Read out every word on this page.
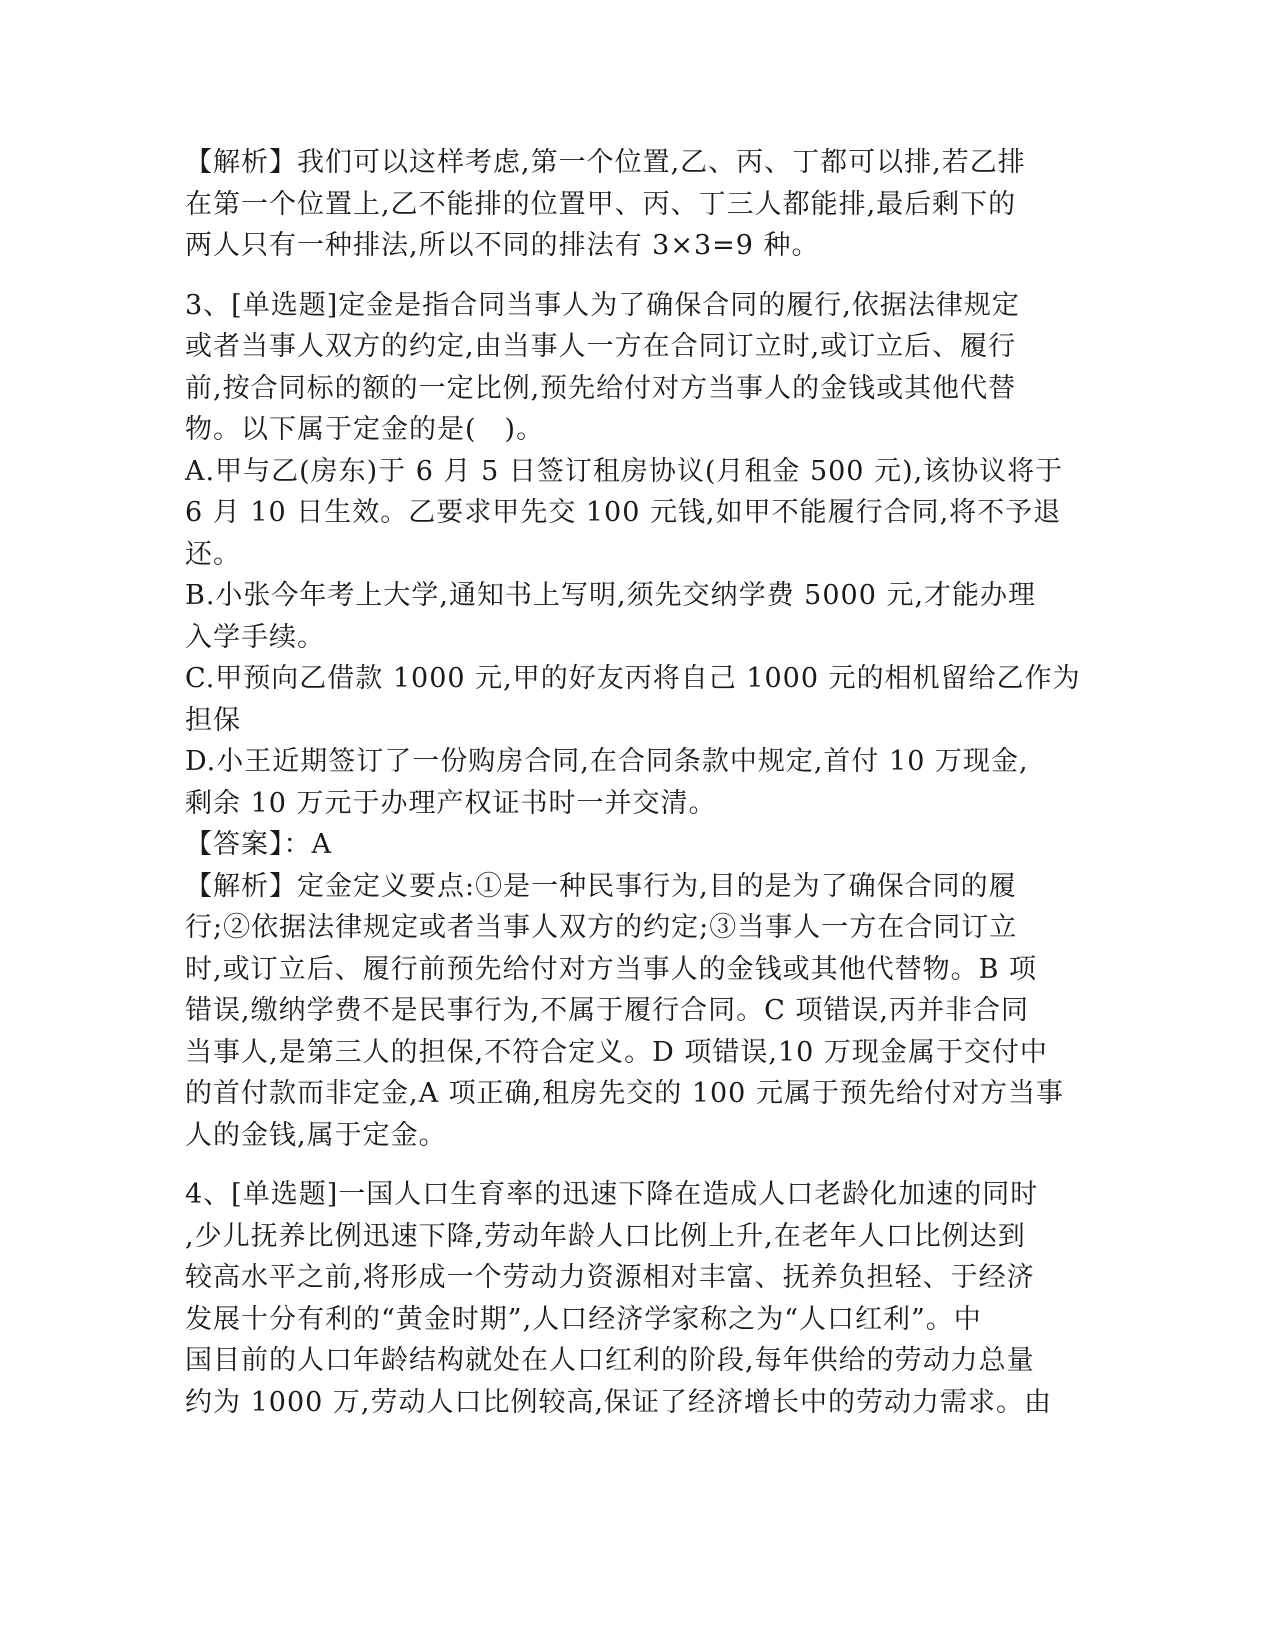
【解析】我们可以这样考虑,第一个位置,乙、丙、丁都可以排,若乙排
在第一个位置上,乙不能排的位置甲、丙、丁三人都能排,最后剩下的
两人只有一种排法,所以不同的排法有 3×3=9 种。
3、[单选题]定金是指合同当事人为了确保合同的履行,依据法律规定
或者当事人双方的约定,由当事人一方在合同订立时,或订立后、履行
前,按合同标的额的一定比例,预先给付对方当事人的金钱或其他代替
物。以下属于定金的是(　)。
A.甲与乙(房东)于 6 月 5 日签订租房协议(月租金 500 元),该协议将于
6 月 10 日生效。乙要求甲先交 100 元钱,如甲不能履行合同,将不予退
还。
B.小张今年考上大学,通知书上写明,须先交纳学费 5000 元,才能办理
入学手续。
C.甲预向乙借款 1000 元,甲的好友丙将自己 1000 元的相机留给乙作为
担保
D.小王近期签订了一份购房合同,在合同条款中规定,首付 10 万现金,
剩余 10 万元于办理产权证书时一并交清。
【答案】：A
【解析】定金定义要点:①是一种民事行为,目的是为了确保合同的履
行;②依据法律规定或者当事人双方的约定;③当事人一方在合同订立
时,或订立后、履行前预先给付对方当事人的金钱或其他代替物。B 项
错误,缴纳学费不是民事行为,不属于履行合同。C 项错误,丙并非合同
当事人,是第三人的担保,不符合定义。D 项错误,10 万现金属于交付中
的首付款而非定金,A 项正确,租房先交的 100 元属于预先给付对方当事
人的金钱,属于定金。
4、[单选题]一国人口生育率的迅速下降在造成人口老龄化加速的同时
,少儿抚养比例迅速下降,劳动年龄人口比例上升,在老年人口比例达到
较高水平之前,将形成一个劳动力资源相对丰富、抚养负担轻、于经济
发展十分有利的“黄金时期”,人口经济学家称之为“人口红利”。中
国目前的人口年龄结构就处在人口红利的阶段,每年供给的劳动力总量
约为 1000 万,劳动人口比例较高,保证了经济增长中的劳动力需求。由
